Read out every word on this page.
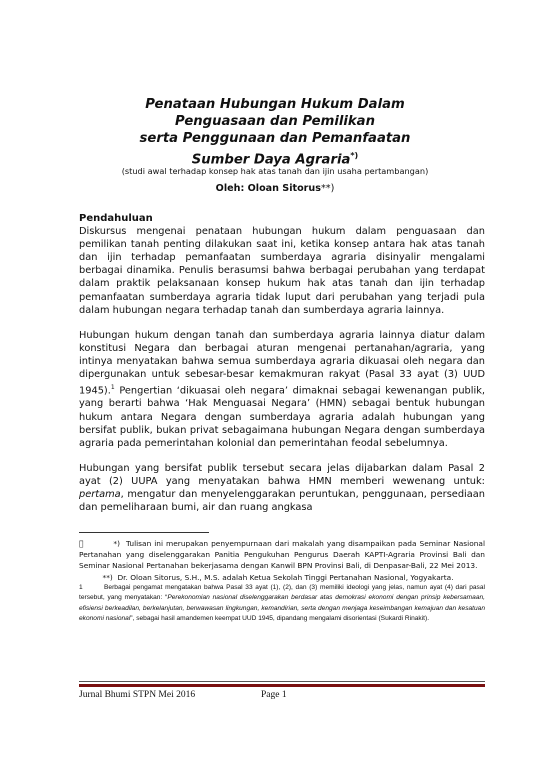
Penataan Hubungan Hukum Dalam
Penguasaan dan Pemilikan
serta Penggunaan dan Pemanfaatan
Sumber Daya Agraria*)
(studi awal terhadap konsep hak atas tanah dan ijin usaha pertambangan)
Oleh: Oloan Sitorus**)
Pendahuluan

Diskursus mengenai penataan hubungan hukum dalam penguasaan dan pemilikan tanah penting dilakukan saat ini, ketika konsep antara hak atas tanah dan ijin terhadap pemanfaatan sumberdaya agraria disinyalir mengalami berbagai dinamika. Penulis berasumsi bahwa berbagai perubahan yang terdapat dalam praktik pelaksanaan konsep hukum hak atas tanah dan ijin terhadap pemanfaatan sumberdaya agraria tidak luput dari perubahan yang terjadi pula dalam hubungan negara terhadap tanah dan sumberdaya agraria lainnya.

Hubungan hukum dengan tanah dan sumberdaya agraria lainnya diatur dalam konstitusi Negara dan berbagai aturan mengenai pertanahan/agraria, yang intinya menyatakan bahwa semua sumberdaya agraria dikuasai oleh negara dan dipergunakan untuk sebesar-besar kemakmuran rakyat (Pasal 33 ayat (3) UUD 1945).$^1$ Pengertian ‘dikuasai oleh negara’ dimaknai sebagai kewenangan publik, yang berarti bahwa ‘Hak Menguasai Negara’ (HMN) sebagai bentuk hubungan hukum antara Negara dengan sumberdaya agraria adalah hubungan yang bersifat publik, bukan privat sebagaimana hubungan Negara dengan sumberdaya agraria pada pemerintahan kolonial dan pemerintahan feodal sebelumnya.

Hubungan yang bersifat publik tersebut secara jelas dijabarkan dalam Pasal 2 ayat (2) UUPA yang menyatakan bahwa HMN memberi wewenang untuk: pertama, mengatur dan menyelenggarakan peruntukan, penggunaan, persediaan dan pemeliharaan bumi, air dan ruang angkasa

*)  Tulisan ini merupakan penyempurnaan dari makalah yang disampaikan pada Seminar Nasional Pertanahan yang diselenggarakan Panitia Pengukuhan Pengurus Daerah KAPTI-Agraria Provinsi Bali dan Seminar Nasional Pertanahan bekerjasama dengan Kanwil BPN Provinsi Bali, di Denpasar-Bali, 22 Mei 2013.

**)  Dr. Oloan Sitorus, S.H., M.S. adalah Ketua Sekolah Tinggi Pertanahan Nasional, Yogyakarta.

1        Berbagai pengamat mengatakan bahwa Pasal 33 ayat (1), (2), dan (3) memiliki ideologi yang jelas, namun ayat (4) dari pasal tersebut, yang menyatakan: “Perekonomian nasional diselenggarakan berdasar atas demokrasi ekonomi dengan prinsip kebersamaan, efisiensi berkeadilan, berkelanjutan, berwawasan lingkungan, kemandirian, serta dengan menjaga keseimbangan kemajuan dan kesatuan ekonomi nasional”, sebagai hasil amandemen keempat UUD 1945, dipandang mengalami disorientasi (Sukardi Rinakit).

Jurnal Bhumi STPN Mei 2016	Page 1
